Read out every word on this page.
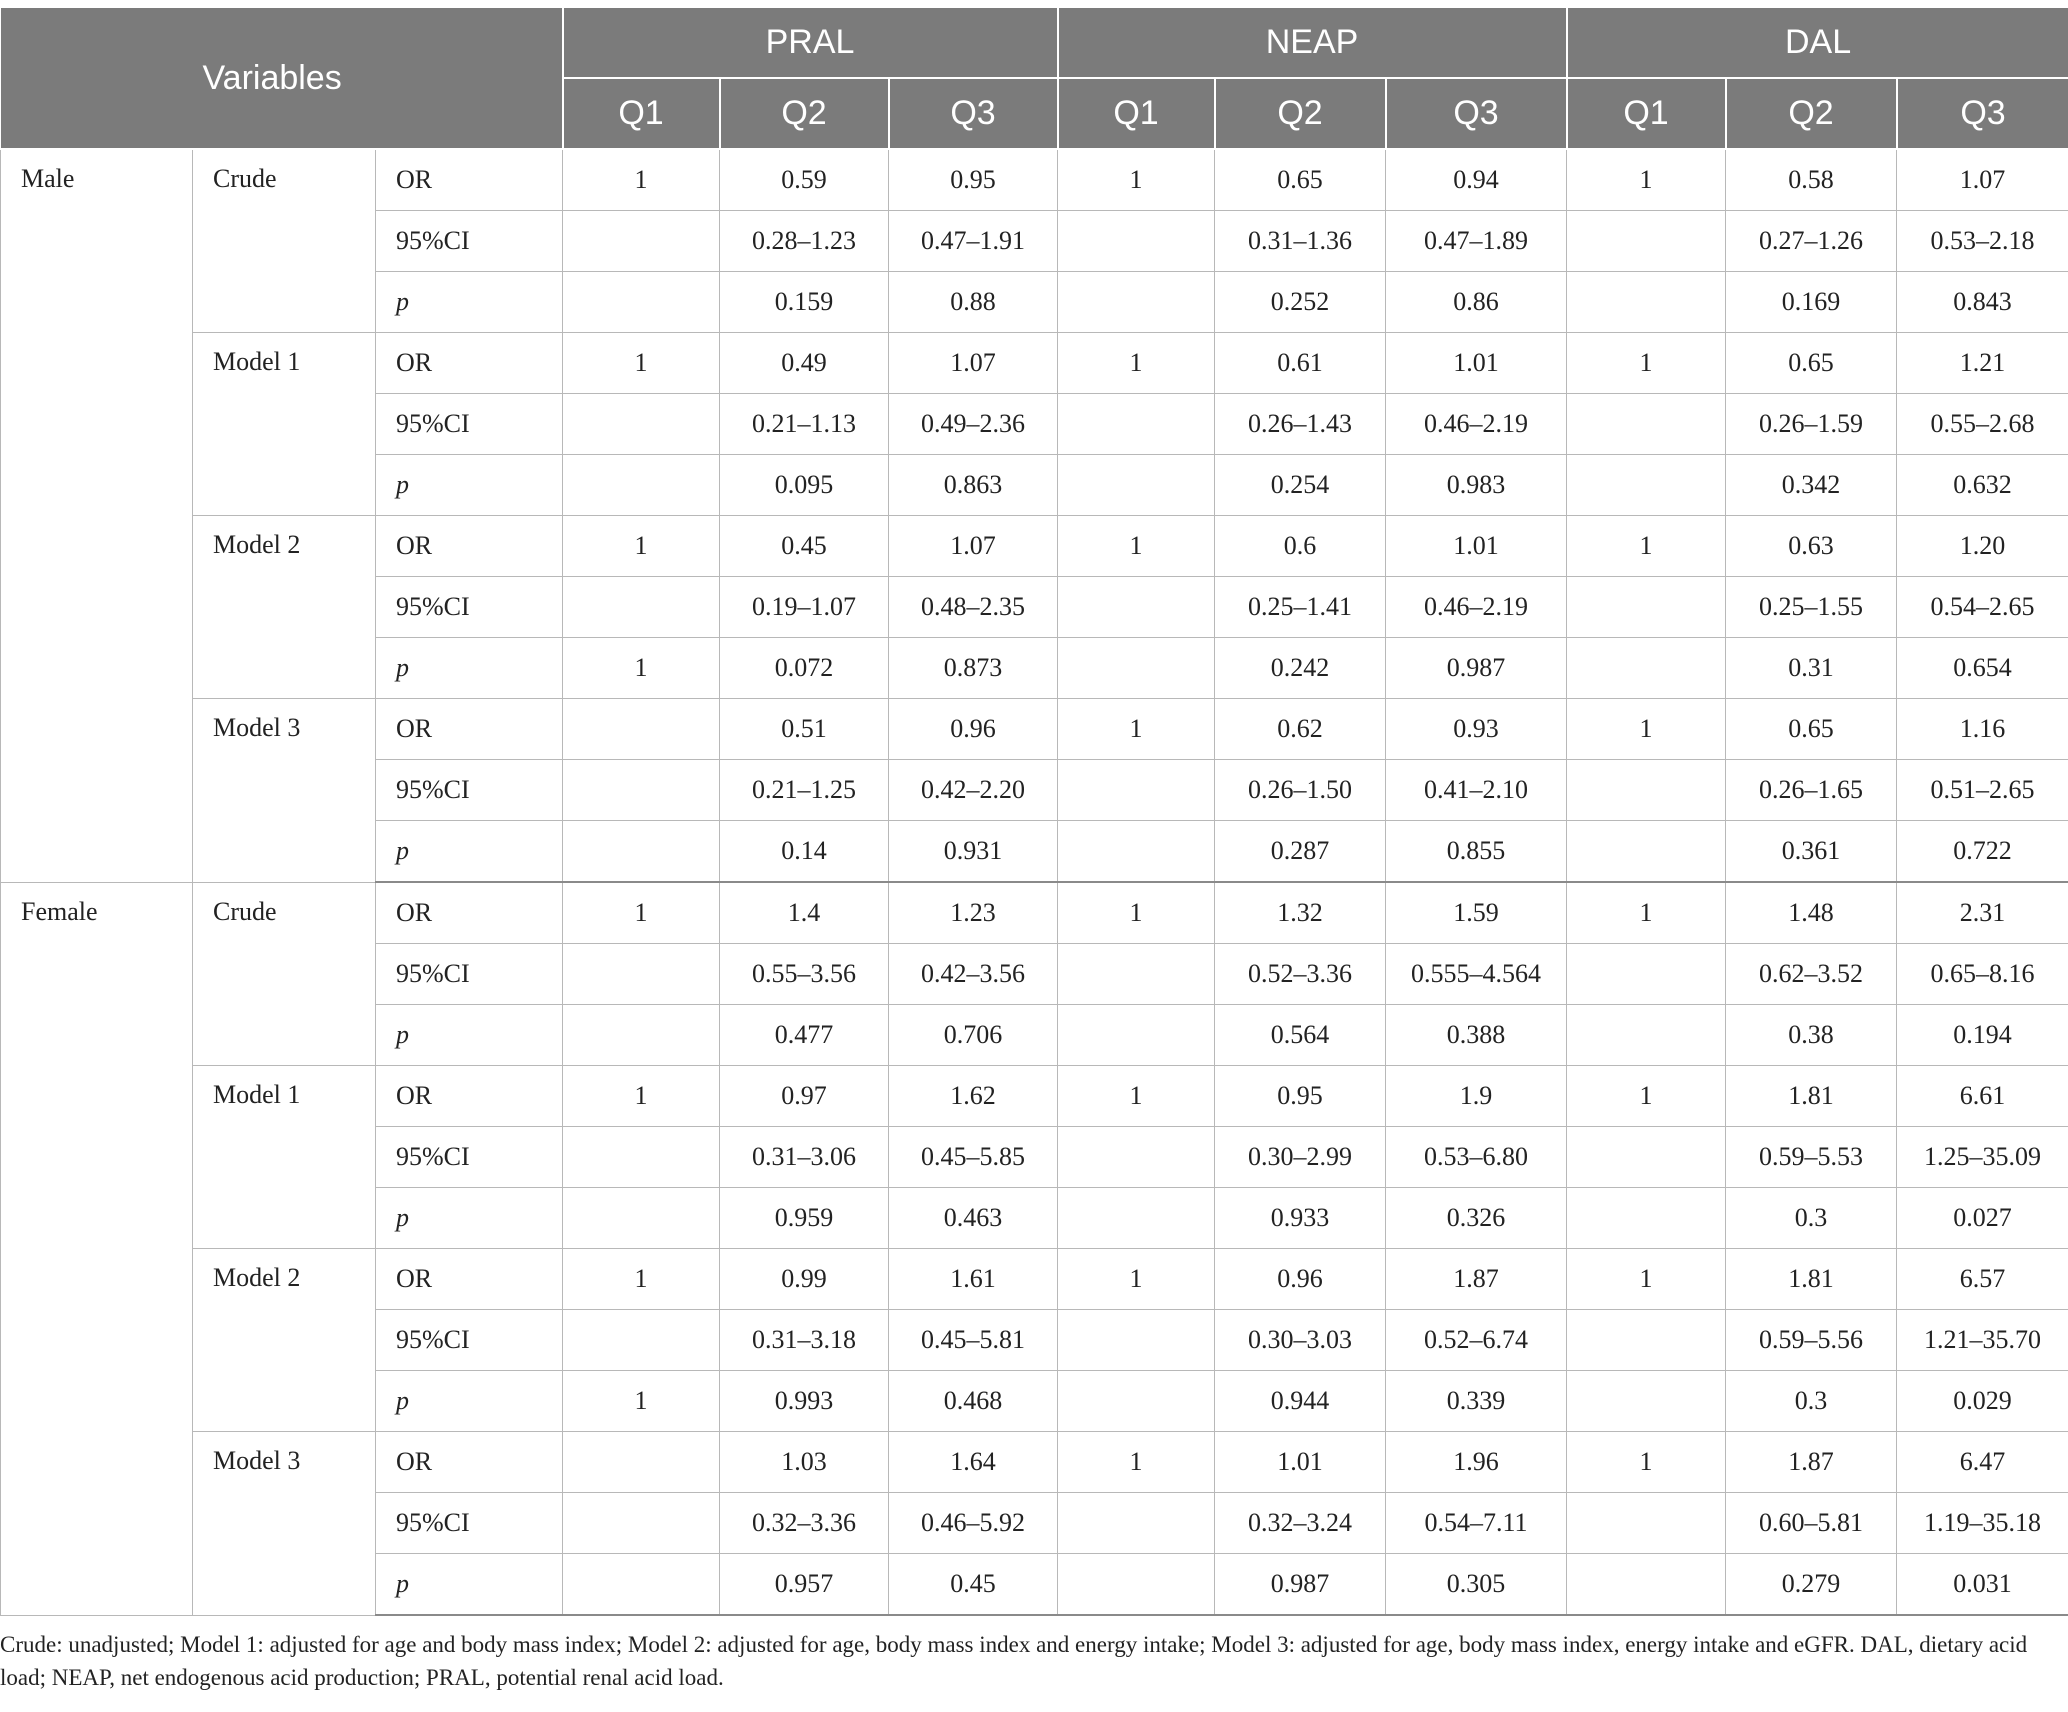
Variables			PRAL			NEAP			DAL		
			Q1	Q2	Q3	Q1	Q2	Q3	Q1	Q2	Q3
Male	Crude	OR	1	0.59	0.95	1	0.65	0.94	1	0.58	1.07
		95%CI		0.28–1.23	0.47–1.91		0.31–1.36	0.47–1.89		0.27–1.26	0.53–2.18
		p		0.159	0.88		0.252	0.86		0.169	0.843
	Model 1	OR	1	0.49	1.07	1	0.61	1.01	1	0.65	1.21
		95%CI		0.21–1.13	0.49–2.36		0.26–1.43	0.46–2.19		0.26–1.59	0.55–2.68
		p		0.095	0.863		0.254	0.983		0.342	0.632
	Model 2	OR	1	0.45	1.07	1	0.6	1.01	1	0.63	1.20
		95%CI		0.19–1.07	0.48–2.35		0.25–1.41	0.46–2.19		0.25–1.55	0.54–2.65
		p	1	0.072	0.873		0.242	0.987		0.31	0.654
	Model 3	OR		0.51	0.96	1	0.62	0.93	1	0.65	1.16
		95%CI		0.21–1.25	0.42–2.20		0.26–1.50	0.41–2.10		0.26–1.65	0.51–2.65
		p		0.14	0.931		0.287	0.855		0.361	0.722
Female	Crude	OR	1	1.4	1.23	1	1.32	1.59	1	1.48	2.31
		95%CI		0.55–3.56	0.42–3.56		0.52–3.36	0.555–4.564		0.62–3.52	0.65–8.16
		p		0.477	0.706		0.564	0.388		0.38	0.194
	Model 1	OR	1	0.97	1.62	1	0.95	1.9	1	1.81	6.61
		95%CI		0.31–3.06	0.45–5.85		0.30–2.99	0.53–6.80		0.59–5.53	1.25–35.09
		p		0.959	0.463		0.933	0.326		0.3	0.027
	Model 2	OR	1	0.99	1.61	1	0.96	1.87	1	1.81	6.57
		95%CI		0.31–3.18	0.45–5.81		0.30–3.03	0.52–6.74		0.59–5.56	1.21–35.70
		p	1	0.993	0.468		0.944	0.339		0.3	0.029
	Model 3	OR		1.03	1.64	1	1.01	1.96	1	1.87	6.47
		95%CI		0.32–3.36	0.46–5.92		0.32–3.24	0.54–7.11		0.60–5.81	1.19–35.18
		p		0.957	0.45		0.987	0.305		0.279	0.031
Crude: unadjusted; Model 1: adjusted for age and body mass index; Model 2: adjusted for age, body mass index and energy intake; Model 3: adjusted for age, body mass index, energy intake and eGFR. DAL, dietary acid load; NEAP, net endogenous acid production; PRAL, potential renal acid load.
